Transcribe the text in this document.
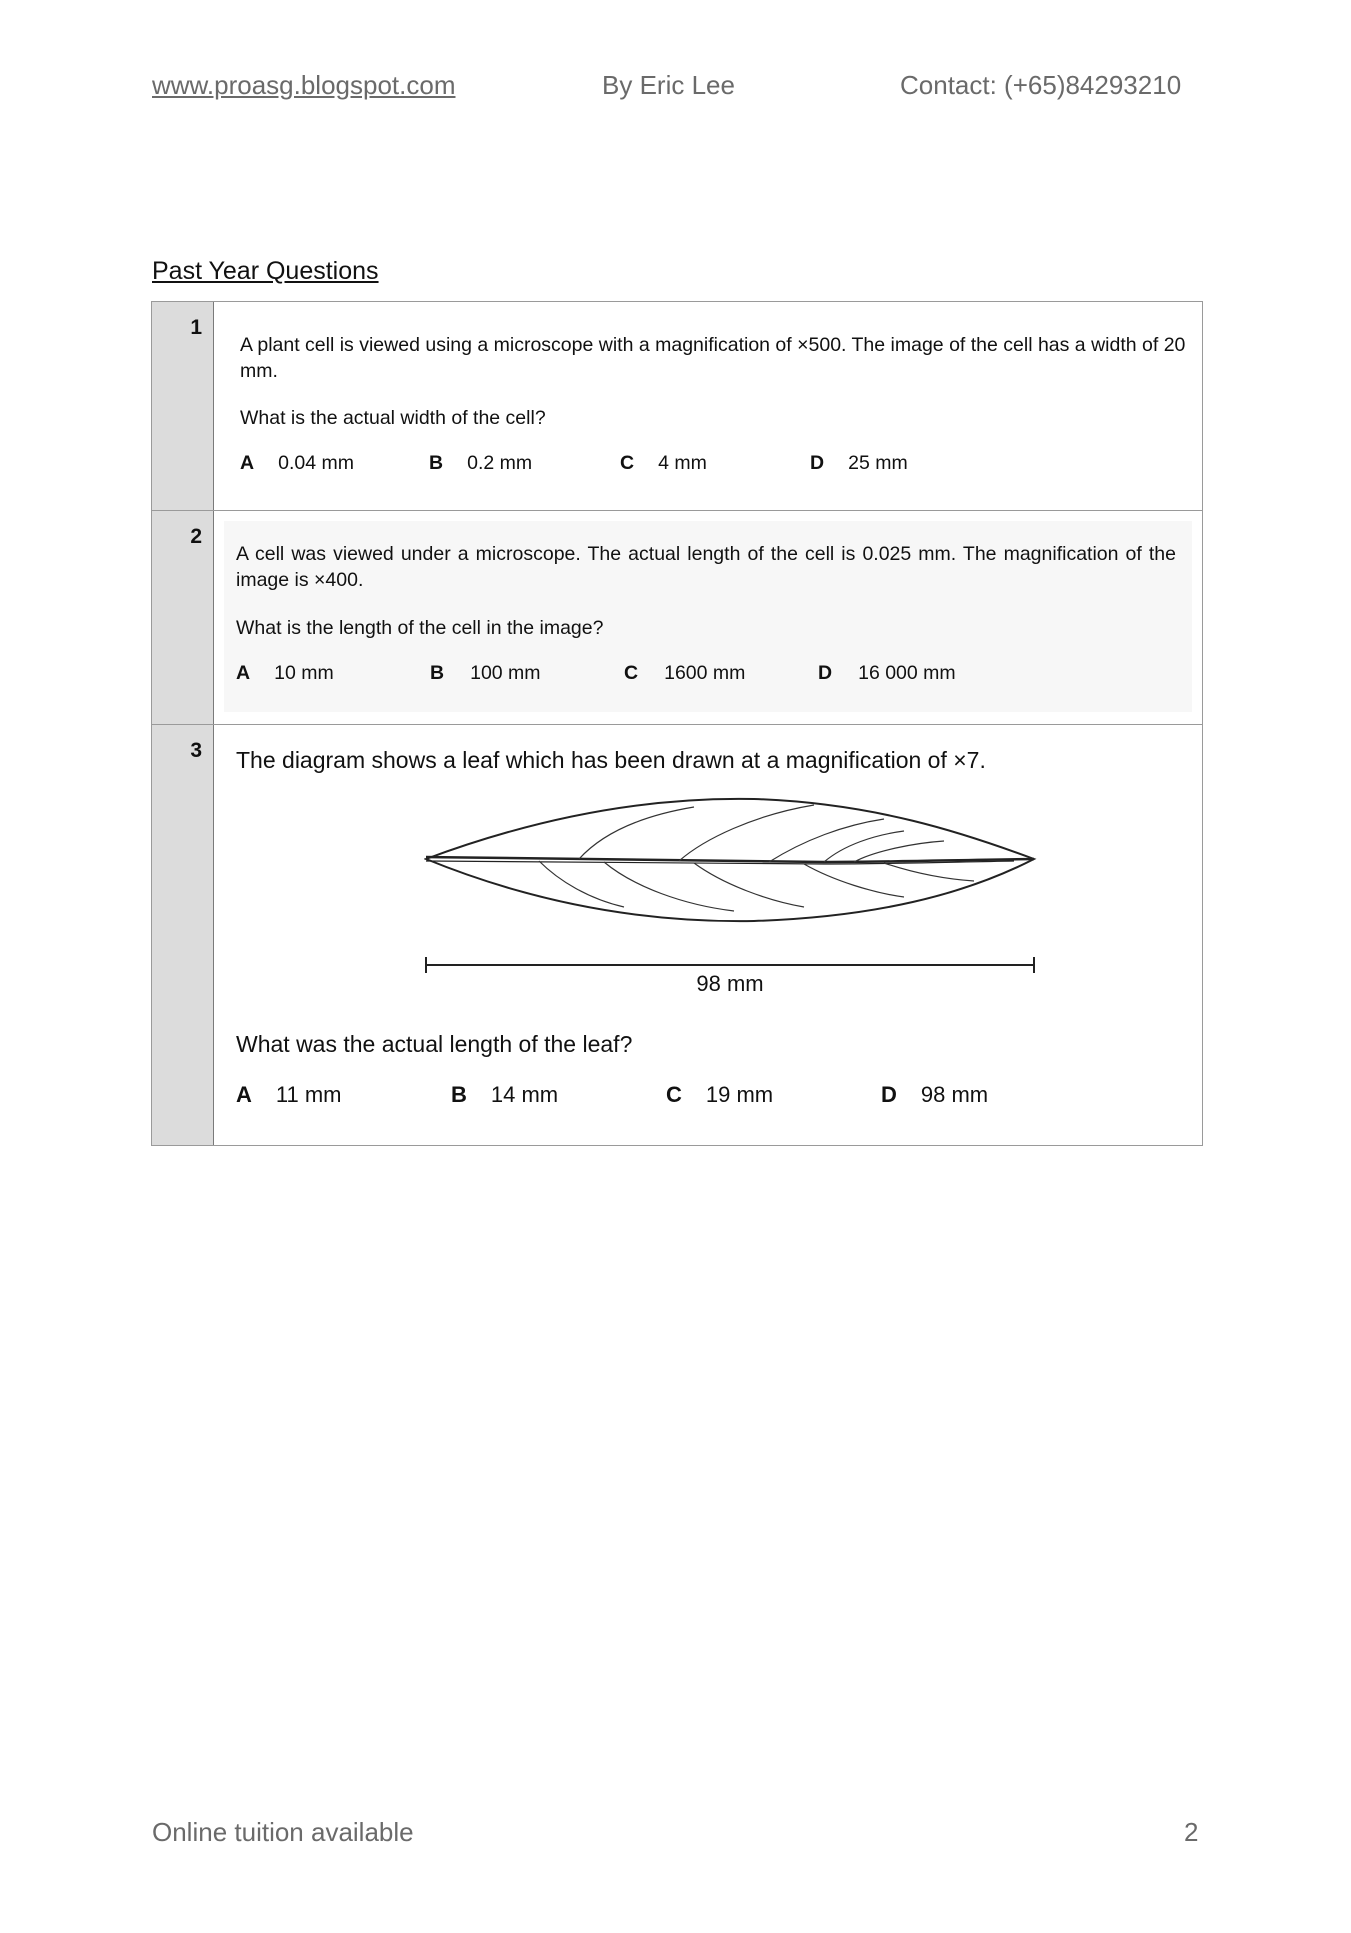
www.proasg.blogspot.com	By Eric Lee	Contact: (+65)84293210
Past Year Questions
1
A plant cell is viewed using a microscope with a magnification of ×500. The image of the cell has a width of 20 mm.
What is the actual width of the cell?
A 0.04 mm	B 0.2 mm	C 4 mm	D 25 mm
2
A cell was viewed under a microscope. The actual length of the cell is 0.025 mm. The magnification of the image is ×400.
What is the length of the cell in the image?
A 10 mm	B 100 mm	C 1600 mm	D 16 000 mm
3	The diagram shows a leaf which has been drawn at a magnification of ×7.
98 mm
What was the actual length of the leaf?
A 11 mm	B 14 mm	C 19 mm	D 98 mm
Online tuition available	2
